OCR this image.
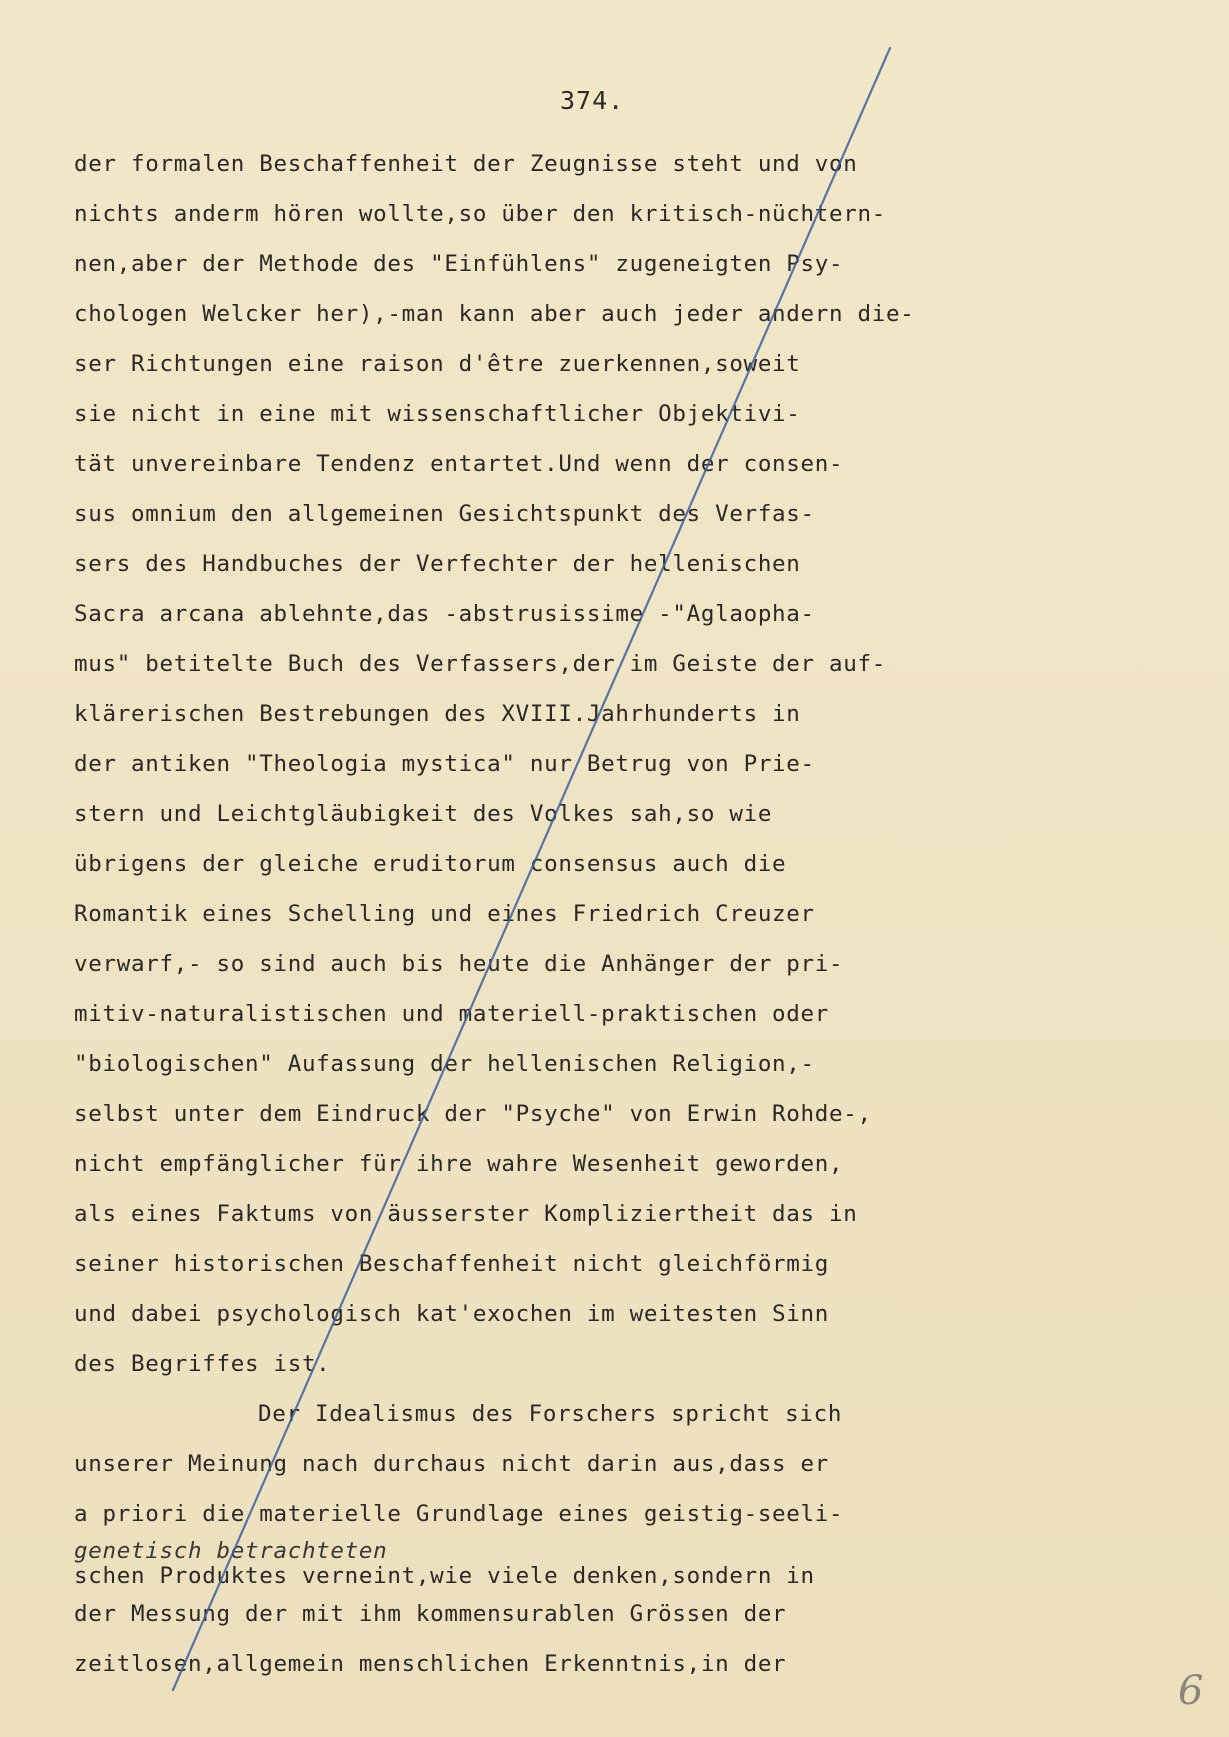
374.
der formalen Beschaffenheit der Zeugnisse steht und von
nichts anderm hören wollte,so über den kritisch-nüchtern-
nen,aber der Methode des "Einfühlens" zugeneigten Psy-
chologen Welcker her),-man kann aber auch jeder andern die-
ser Richtungen eine raison d'être zuerkennen,soweit
sie nicht in eine mit wissenschaftlicher Objektivi-
tät unvereinbare Tendenz entartet.Und wenn der consen-
sus omnium den allgemeinen Gesichtspunkt des Verfas-
sers des Handbuches der Verfechter der hellenischen
Sacra arcana ablehnte,das -abstrusissime -"Aglaopha-
mus" betitelte Buch des Verfassers,der im Geiste der auf-
klärerischen Bestrebungen des XVIII.Jahrhunderts in
der antiken "Theologia mystica" nur Betrug von Prie-
stern und Leichtgläubigkeit des Volkes sah,so wie
übrigens der gleiche eruditorum consensus auch die
Romantik eines Schelling und eines Friedrich Creuzer
verwarf,- so sind auch bis heute die Anhänger der pri-
mitiv-naturalistischen und materiell-praktischen oder
"biologischen" Aufassung der hellenischen Religion,-
selbst unter dem Eindruck der "Psyche" von Erwin Rohde-,
nicht empfänglicher für ihre wahre Wesenheit geworden,
als eines Faktums von äusserster Kompliziertheit das in
seiner historischen Beschaffenheit nicht gleichförmig
und dabei psychologisch kat'exochen im weitesten Sinn
des Begriffes ist.
Der Idealismus des Forschers spricht sich
unserer Meinung nach durchaus nicht darin aus,dass er
a priori die materielle Grundlage eines geistig-seeli-
genetisch betrachteten
schen Produktes verneint,wie viele denken,sondern in
der Messung der mit ihm kommensurablen Grössen der
zeitlosen,allgemein menschlichen Erkenntnis,in der
6
